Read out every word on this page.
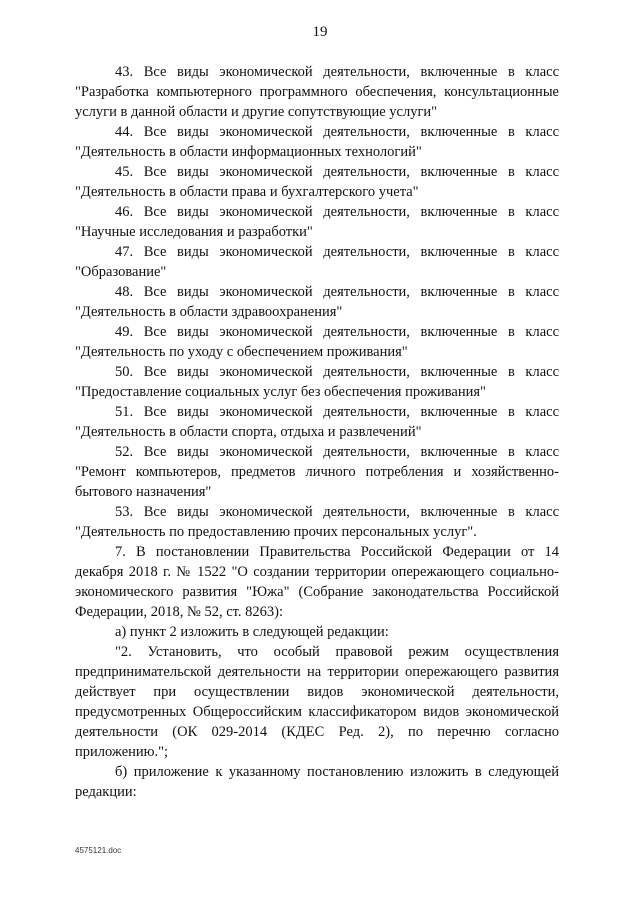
19

43. Все виды экономической деятельности, включенные в класс "Разработка компьютерного программного обеспечения, консультационные услуги в данной области и другие сопутствующие услуги"

44. Все виды экономической деятельности, включенные в класс "Деятельность в области информационных технологий"

45. Все виды экономической деятельности, включенные в класс "Деятельность в области права и бухгалтерского учета"

46. Все виды экономической деятельности, включенные в класс "Научные исследования и разработки"

47. Все виды экономической деятельности, включенные в класс "Образование"

48. Все виды экономической деятельности, включенные в класс "Деятельность в области здравоохранения"

49. Все виды экономической деятельности, включенные в класс "Деятельность по уходу с обеспечением проживания"

50. Все виды экономической деятельности, включенные в класс "Предоставление социальных услуг без обеспечения проживания"

51. Все виды экономической деятельности, включенные в класс "Деятельность в области спорта, отдыха и развлечений"

52. Все виды экономической деятельности, включенные в класс "Ремонт компьютеров, предметов личного потребления и хозяйственно-бытового назначения"

53. Все виды экономической деятельности, включенные в класс "Деятельность по предоставлению прочих персональных услуг".

7. В постановлении Правительства Российской Федерации от 14 декабря 2018 г. № 1522 "О создании территории опережающего социально-экономического развития "Южа" (Собрание законодательства Российской Федерации, 2018, № 52, ст. 8263):

а) пункт 2 изложить в следующей редакции:

"2. Установить, что особый правовой режим осуществления предпринимательской деятельности на территории опережающего развития действует при осуществлении видов экономической деятельности, предусмотренных Общероссийским классификатором видов экономической деятельности (ОК 029-2014 (КДЕС Ред. 2), по перечню согласно приложению.";

б) приложение к указанному постановлению изложить в следующей редакции:

4575121.doc
